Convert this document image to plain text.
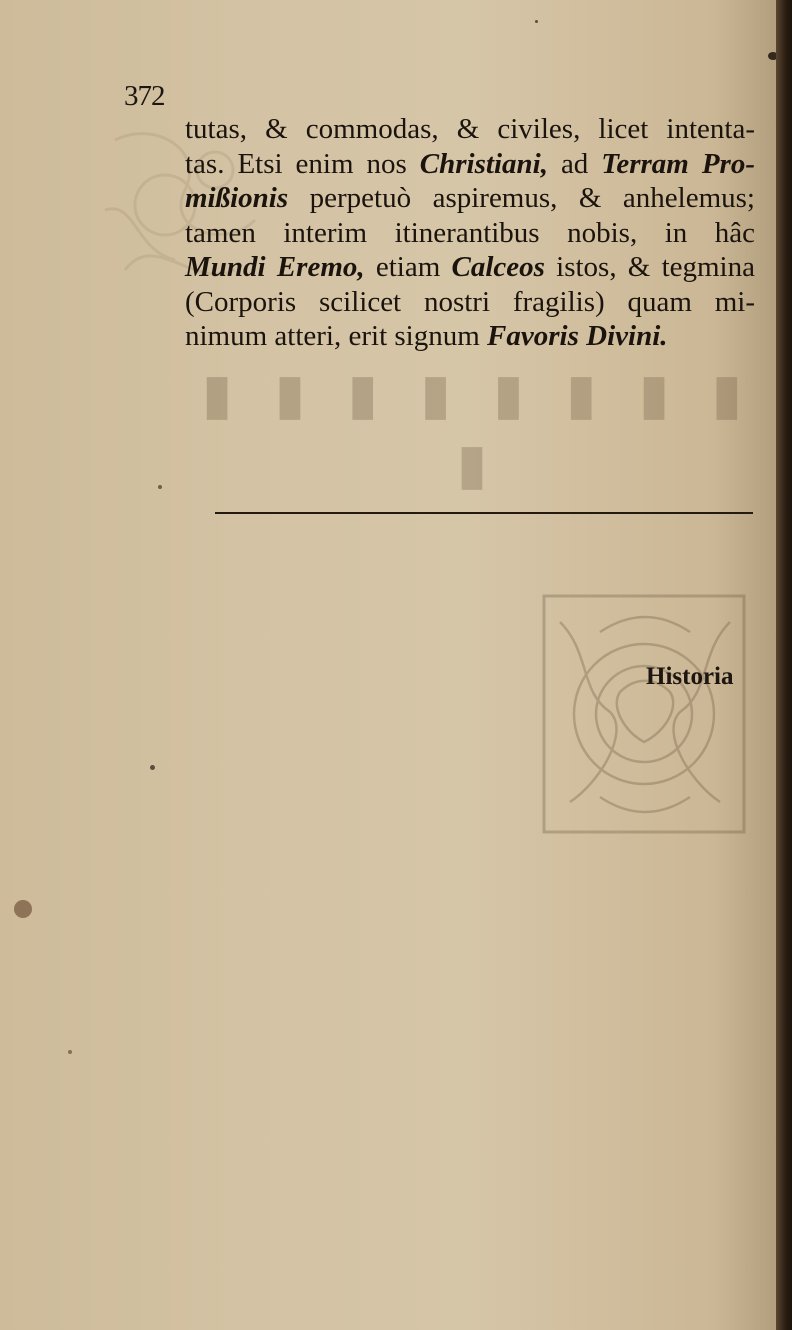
372
tutas, & commodas, & civiles, licet intenta-
tas. Etsi enim nos Christiani, ad Terram Pro-
mißionis perpetuò aspiremus, & anhelemus;
tamen interim itinerantibus nobis, in hâc
Mundi Eremo, etiam Calceos istos, & tegmina
(Corporis scilicet nostri fragilis) quam mi-
nimum atteri, erit signum Favoris Divini.
▮ ▮ ▮ ▮ ▮ ▮ ▮ ▮ ▮
Historia
